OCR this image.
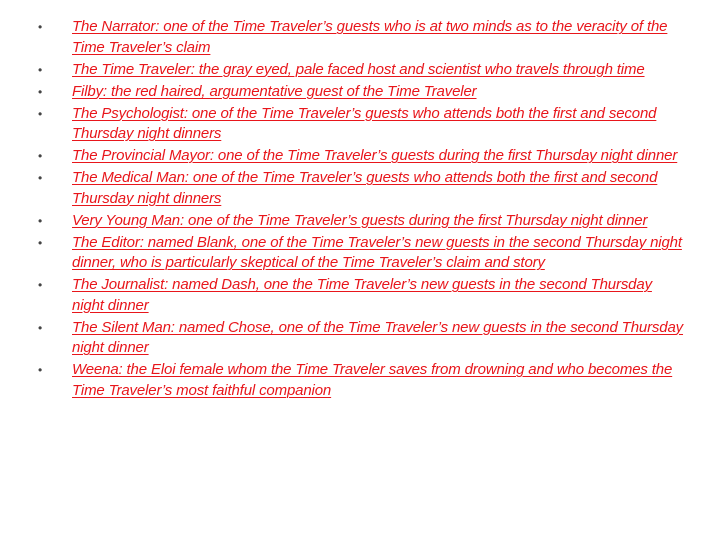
•	The Narrator: one of the Time Traveler’s guests who is at two minds as to the veracity of the Time Traveler’s claim
•	The Time Traveler: the gray eyed, pale faced host and scientist who travels through time
•	Filby: the red haired, argumentative guest of the Time Traveler
•	The Psychologist: one of the Time Traveler’s guests who attends both the first and second Thursday night dinners
•	The Provincial Mayor: one of the Time Traveler’s guests during the first Thursday night dinner
•	The Medical Man: one of the Time Traveler’s guests who attends both the first and second Thursday night dinners
•	Very Young Man: one of the Time Traveler’s guests during the first Thursday night dinner
•	The Editor: named Blank, one of the Time Traveler’s new guests in the second Thursday night dinner, who is particularly skeptical of the Time Traveler’s claim and story
•	The Journalist: named Dash, one the Time Traveler’s new guests in the second Thursday night dinner
•	The Silent Man: named Chose, one of the Time Traveler’s new guests in the second Thursday night dinner
•	Weena: the Eloi female whom the Time Traveler saves from drowning and who becomes the Time Traveler’s most faithful companion
